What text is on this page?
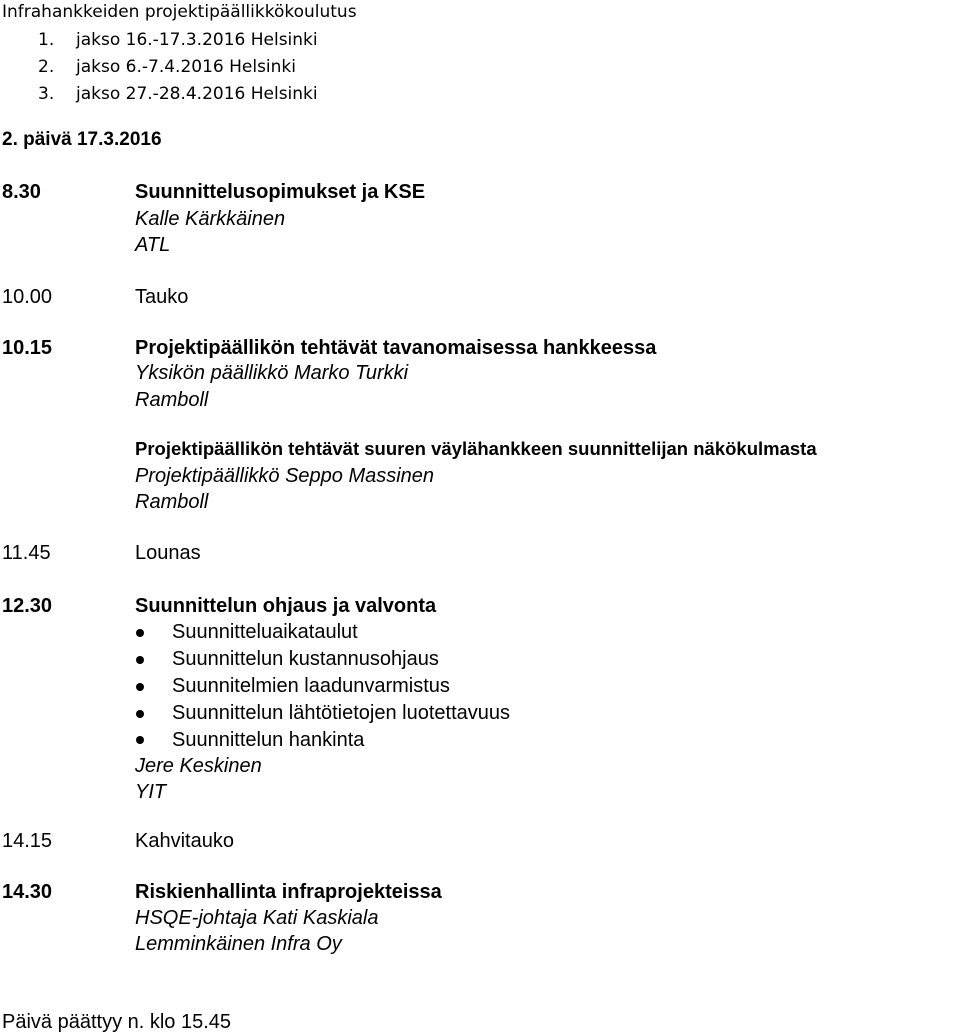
Infrahankkeiden projektipäällikkökoulutus
1. jakso 16.-17.3.2016 Helsinki
2. jakso 6.-7.4.2016 Helsinki
3. jakso 27.-28.4.2016 Helsinki
2. päivä 17.3.2016
8.30	Suunnittelusopimukset ja KSE
Kalle Kärkkäinen
ATL
10.00	Tauko
10.15	Projektipäällikön tehtävät tavanomaisessa hankkeessa
Yksikön päällikkö Marko Turkki
Ramboll
Projektipäällikön tehtävät suuren väylähankkeen suunnittelijan näkökulmasta
Projektipäällikkö Seppo Massinen
Ramboll
11.45	Lounas
12.30	Suunnittelun ohjaus ja valvonta
Suunnitteluaikataulut
Suunnittelun kustannusohjaus
Suunnitelmien laadunvarmistus
Suunnittelun lähtötietojen luotettavuus
Suunnittelun hankinta
Jere Keskinen
YIT
14.15	Kahvitauko
14.30	Riskienhallinta infraprojekteissa
HSQE-johtaja Kati Kaskiala
Lemminkäinen Infra Oy
Päivä päättyy n. klo 15.45
